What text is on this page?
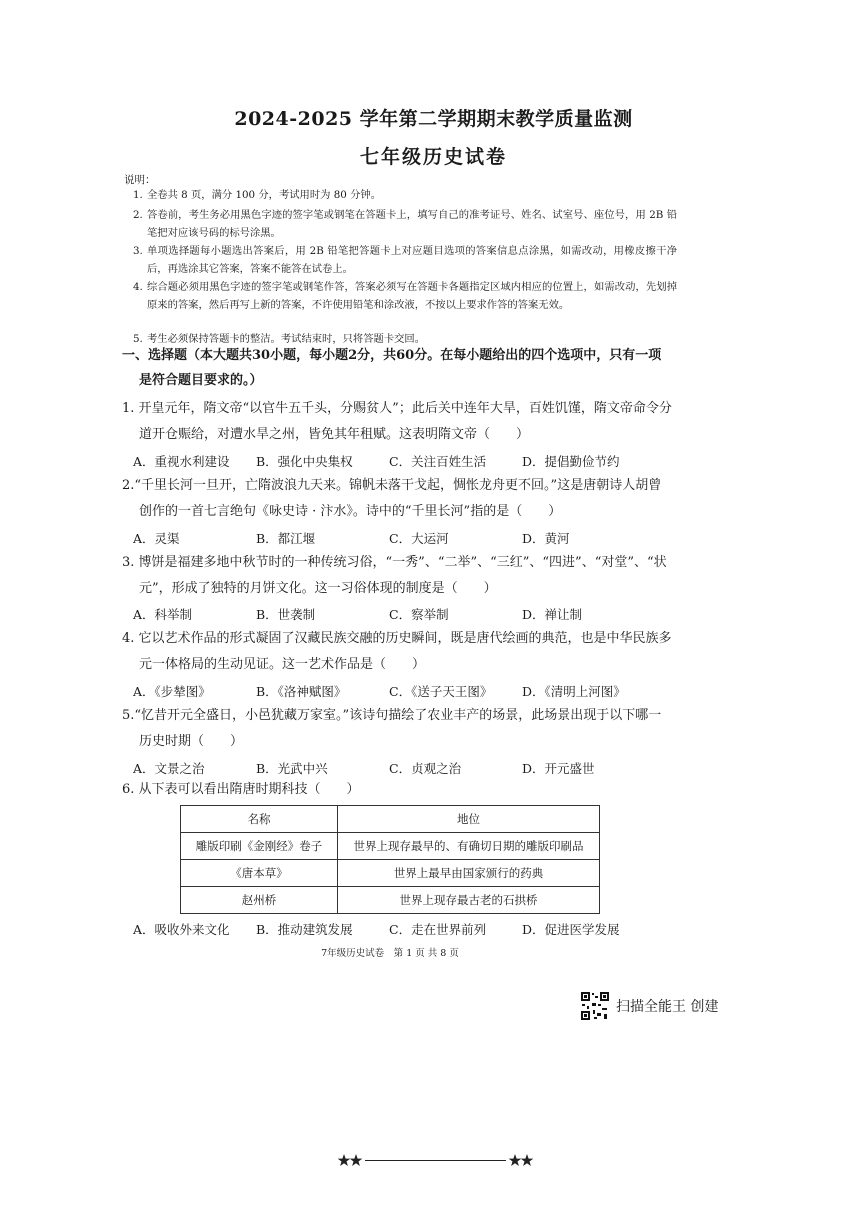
2024-2025 学年第二学期期末教学质量监测
七年级历史试卷
说明：
1. 全卷共 8 页，满分 100 分，考试用时为 80 分钟。
2. 答卷前，考生务必用黑色字迹的签字笔或钢笔在答题卡上，填写自己的准考证号、姓名、试室号、座位号，用 2B 铅笔把对应该号码的标号涂黑。
3. 单项选择题每小题选出答案后，用 2B 铅笔把答题卡上对应题目选项的答案信息点涂黑，如需改动，用橡皮擦干净后，再选涂其它答案，答案不能答在试卷上。
4. 综合题必须用黑色字迹的签字笔或钢笔作答，答案必须写在答题卡各题指定区域内相应的位置上，如需改动，先划掉原来的答案，然后再写上新的答案，不许使用铅笔和涂改液，不按以上要求作答的答案无效。
5. 考生必须保持答题卡的整洁。考试结束时，只将答题卡交回。
一、选择题（本大题共30小题，每小题2分，共60分。在每小题给出的四个选项中，只有一项
是符合题目要求的。）
1. 开皇元年，隋文帝“以官牛五千头，分赐贫人”；此后关中连年大旱，百姓饥馑，隋文帝命令分
道开仓赈给，对遭水旱之州，皆免其年租赋。这表明隋文帝（　　）
A．重视水利建设 B．强化中央集权	C．关注百姓生活	D．提倡勤俭节约
2.“千里长河一旦开，亡隋波浪九天来。锦帆未落干戈起，惆怅龙舟更不回。”这是唐朝诗人胡曾
创作的一首七言绝句《咏史诗 · 汴水》。诗中的“千里长河”指的是（　　）
A．灵渠	B．都江堰	C．大运河	D．黄河
3. 博饼是福建多地中秋节时的一种传统习俗，“一秀”、“二举”、“三红”、“四进”、“对堂”、“状
元”，形成了独特的月饼文化。这一习俗体现的制度是（　　）
A．科举制	B．世袭制	C．察举制	D．禅让制
4. 它以艺术作品的形式凝固了汉藏民族交融的历史瞬间，既是唐代绘画的典范，也是中华民族多
元一体格局的生动见证。这一艺术作品是（　　）
A．《步辇图》	B．《洛神赋图》	C．《送子天王图》 D．《清明上河图》
5.“忆昔开元全盛日，小邑犹藏万家室。”该诗句描绘了农业丰产的场景，此场景出现于以下哪一
历史时期（　　）
A．文景之治	B．光武中兴	C．贞观之治	D．开元盛世
6. 从下表可以看出隋唐时期科技（　　）
名称	地位
雕版印刷《金刚经》卷子	世界上现存最早的、有确切日期的雕版印刷品
《唐本草》	世界上最早由国家颁行的药典
赵州桥	世界上现存最古老的石拱桥
A．吸收外来文化 B．推动建筑发展	C．走在世界前列	D．促进医学发展
7年级历史试卷　第 1 页 共 8 页
扫描全能王 创建
